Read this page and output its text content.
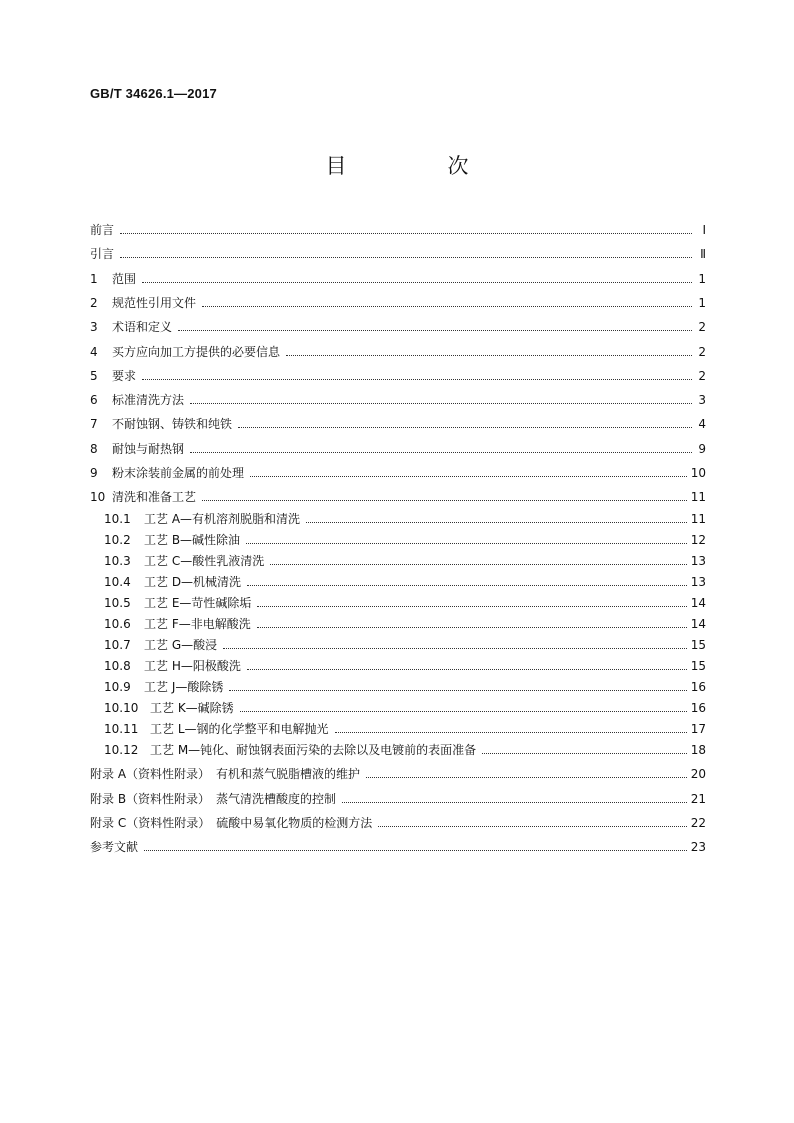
GB/T 34626.1—2017
目　次
前言	Ⅰ
引言	Ⅱ
1	范围	1
2	规范性引用文件	1
3	术语和定义	2
4	买方应向加工方提供的必要信息	2
5	要求	2
6	标准清洗方法	3
7	不耐蚀钢、铸铁和纯铁	4
8	耐蚀与耐热钢	9
9	粉末涂装前金属的前处理	10
10 清洗和准备工艺	11
10.1	工艺 A—有机溶剂脱脂和清洗	11
10.2	工艺 B—碱性除油	12
10.3	工艺 C—酸性乳液清洗	13
10.4	工艺 D—机械清洗	13
10.5	工艺 E—苛性碱除垢	14
10.6	工艺 F—非电解酸洗	14
10.7	工艺 G—酸浸	15
10.8	工艺 H—阳极酸洗	15
10.9	工艺 J—酸除锈	16
10.10 工艺 K—碱除锈	16
10.11 工艺 L—钢的化学整平和电解抛光	17
10.12 工艺 M—钝化、耐蚀钢表面污染的去除以及电镀前的表面准备	18
附录 A（资料性附录）　有机和蒸气脱脂槽液的维护	20
附录 B（资料性附录）　蒸气清洗槽酸度的控制	21
附录 C（资料性附录）　硫酸中易氧化物质的检测方法	22
参考文献	23
